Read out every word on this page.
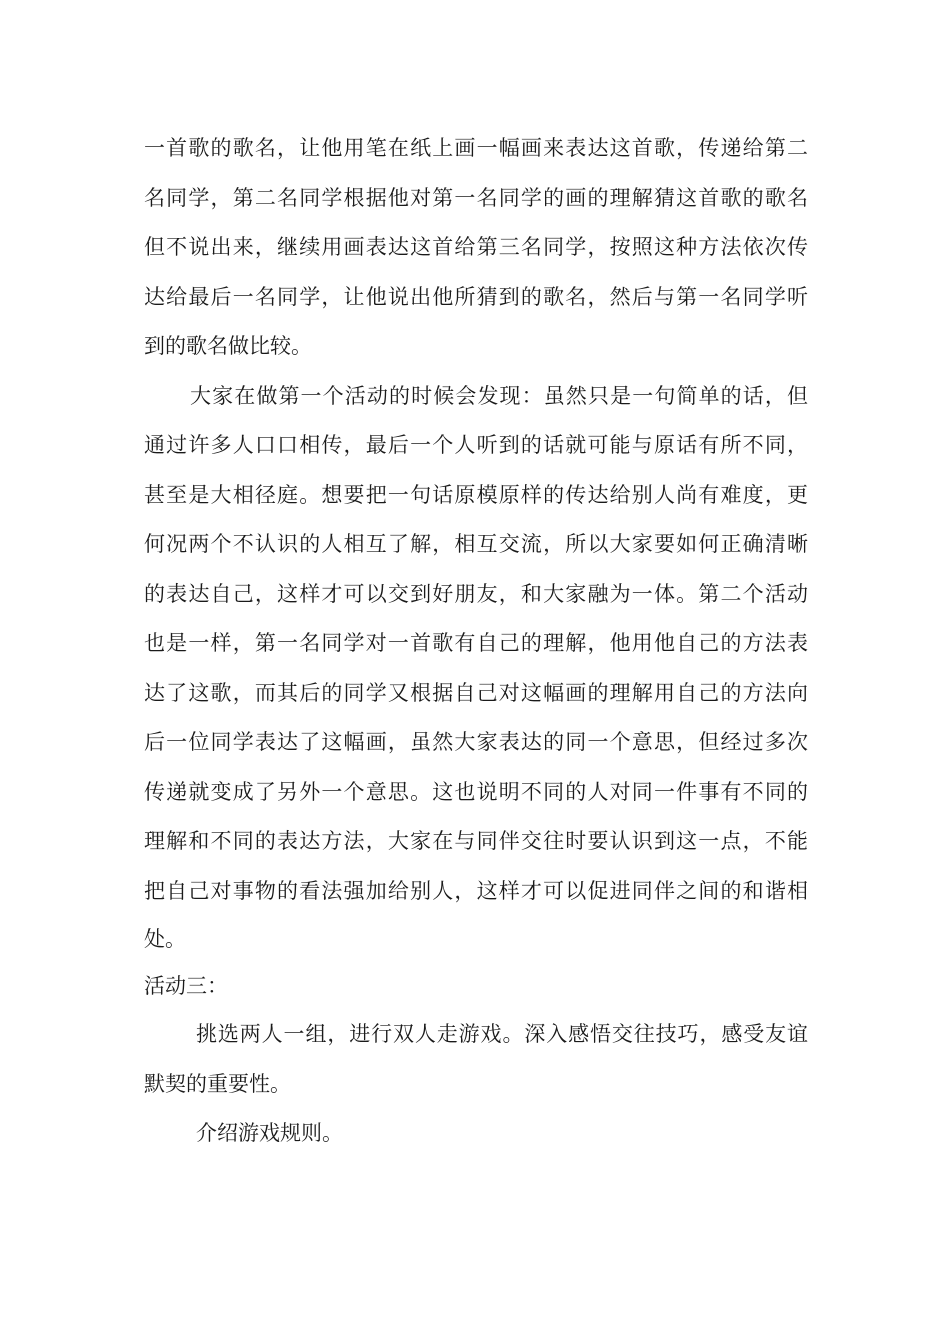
一首歌的歌名，让他用笔在纸上画一幅画来表达这首歌，传递给第二
名同学，第二名同学根据他对第一名同学的画的理解猜这首歌的歌名
但不说出来，继续用画表达这首给第三名同学，按照这种方法依次传
达给最后一名同学，让他说出他所猜到的歌名，然后与第一名同学听
到的歌名做比较。
大家在做第一个活动的时候会发现：虽然只是一句简单的话，但
通过许多人口口相传，最后一个人听到的话就可能与原话有所不同，
甚至是大相径庭。想要把一句话原模原样的传达给别人尚有难度，更
何况两个不认识的人相互了解，相互交流，所以大家要如何正确清晰
的表达自己，这样才可以交到好朋友，和大家融为一体。第二个活动
也是一样，第一名同学对一首歌有自己的理解，他用他自己的方法表
达了这歌，而其后的同学又根据自己对这幅画的理解用自己的方法向
后一位同学表达了这幅画，虽然大家表达的同一个意思，但经过多次
传递就变成了另外一个意思。这也说明不同的人对同一件事有不同的
理解和不同的表达方法，大家在与同伴交往时要认识到这一点，不能
把自己对事物的看法强加给别人，这样才可以促进同伴之间的和谐相
处。
活动三：
挑选两人一组，进行双人走游戏。深入感悟交往技巧，感受友谊
默契的重要性。
介绍游戏规则。
